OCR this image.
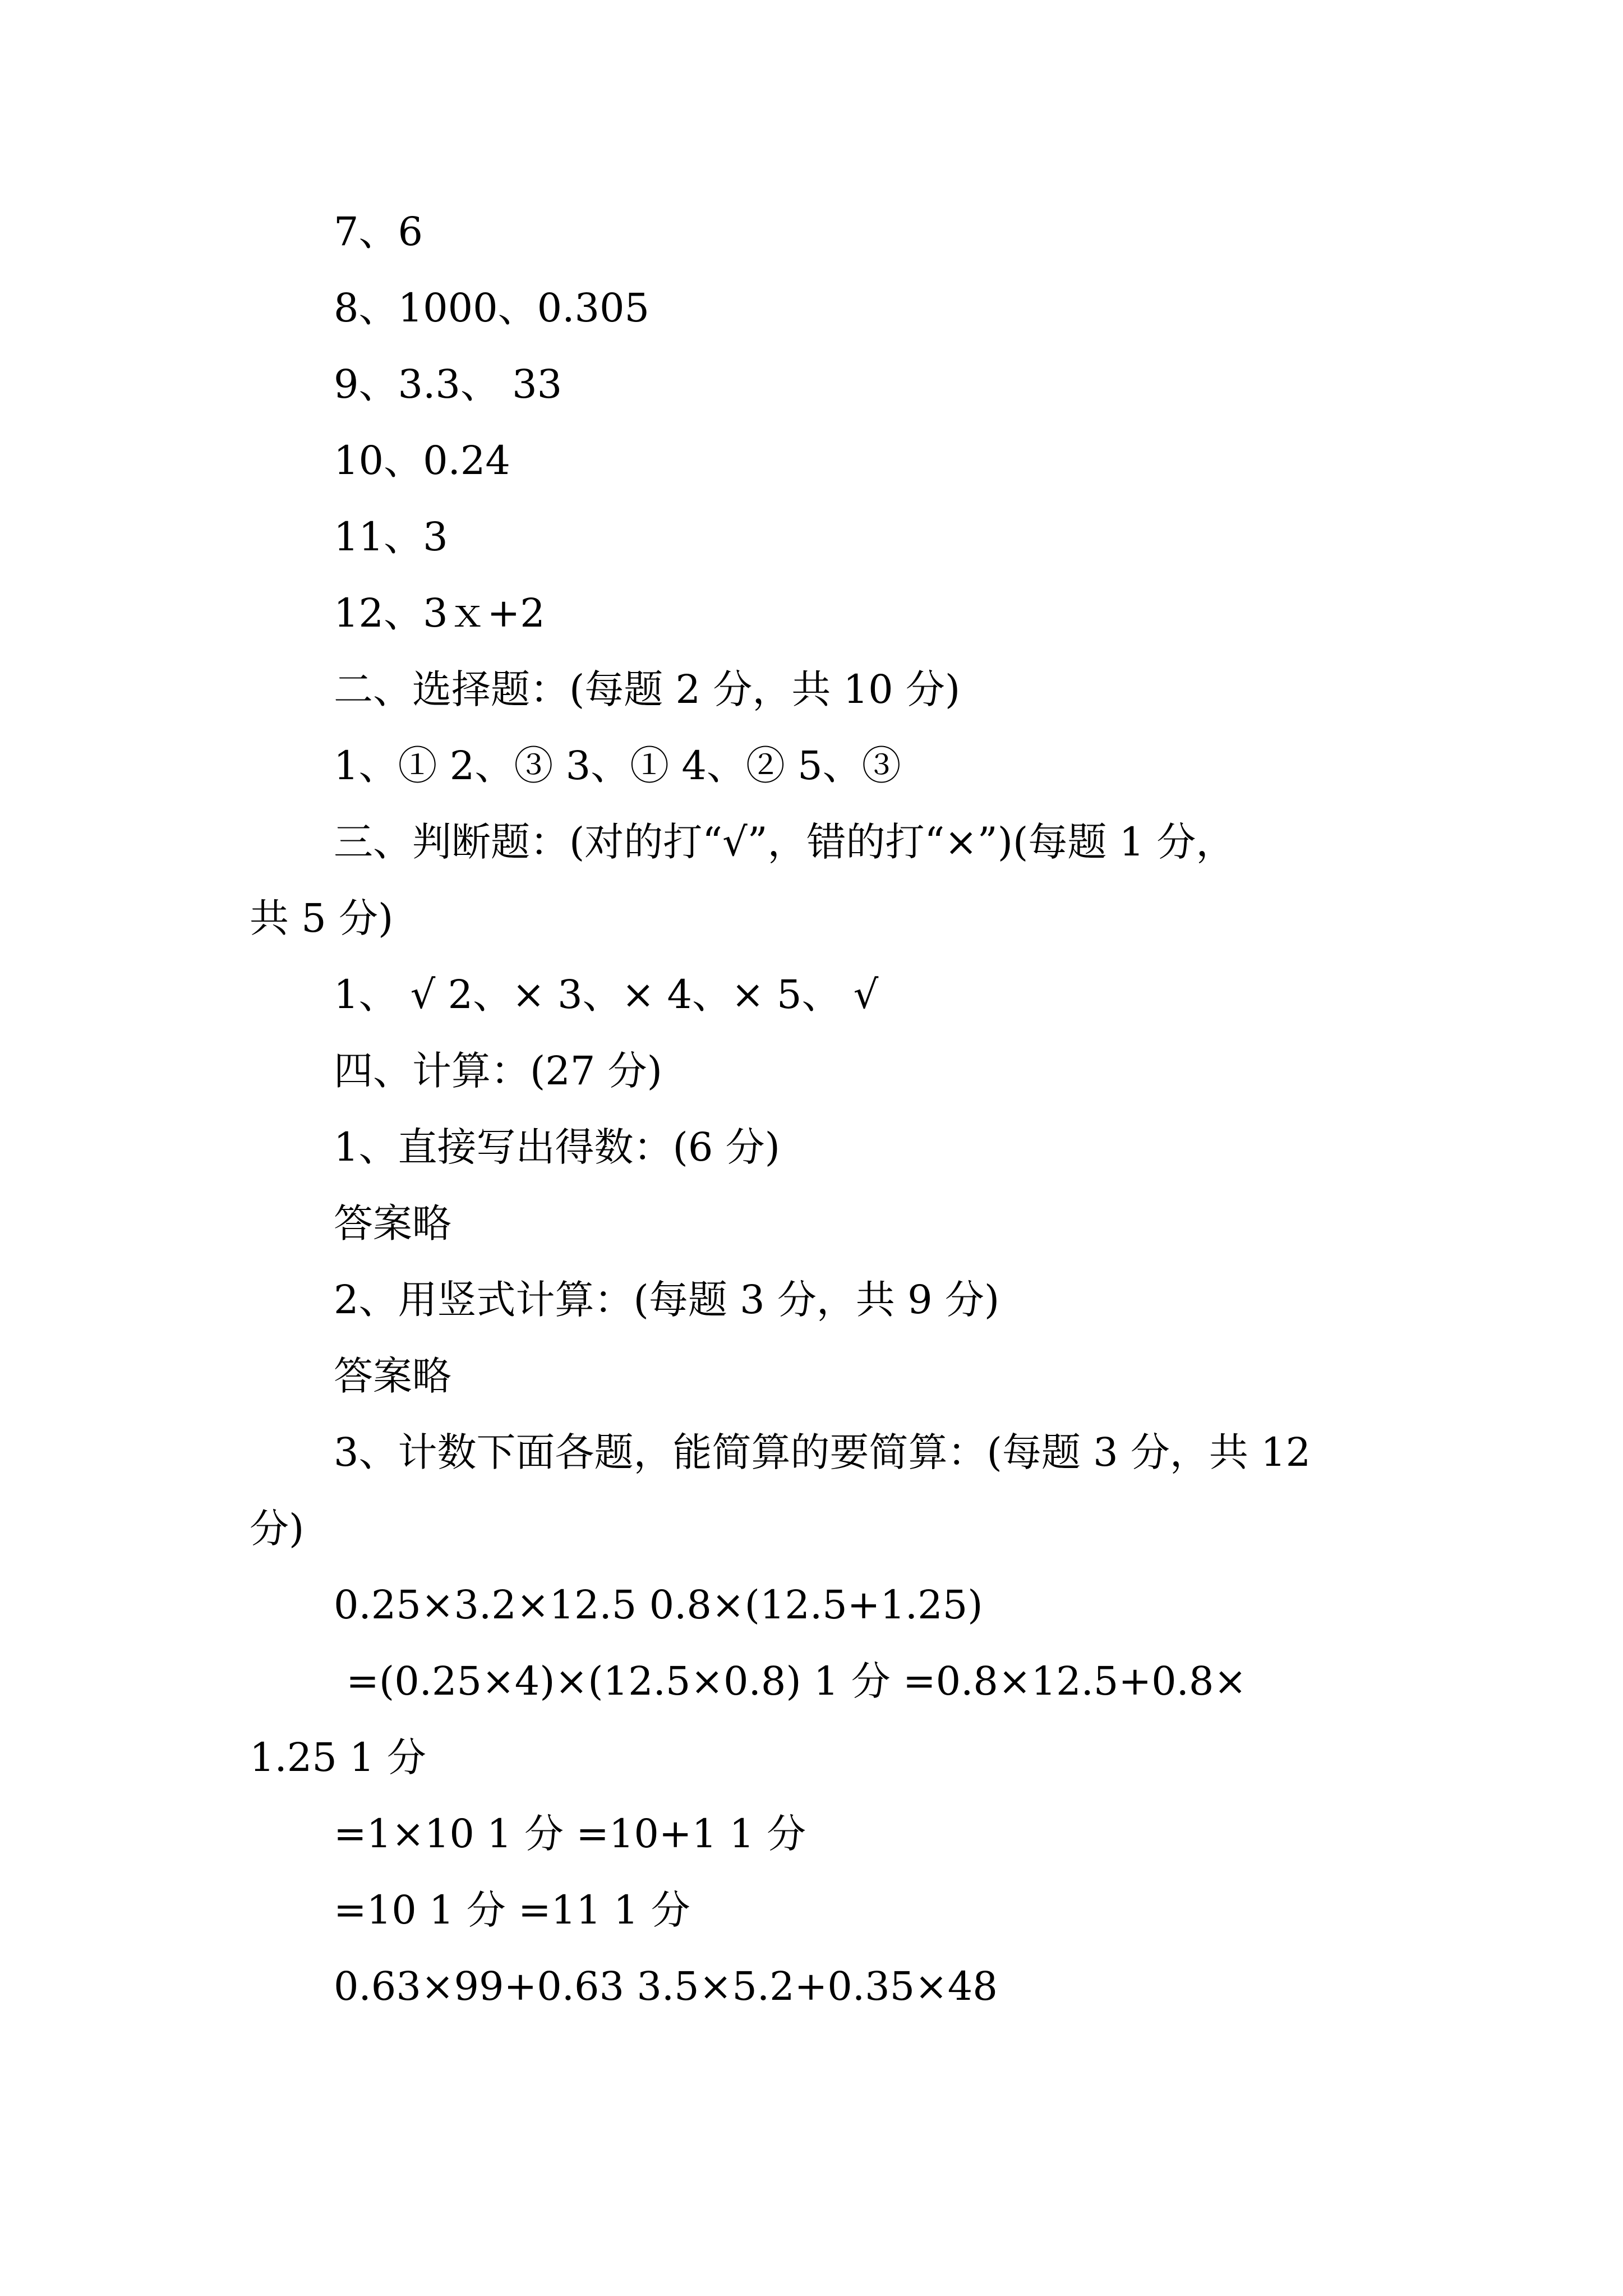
7、6
8、1000、0.305
9、3.3、 33
10、0.24
11、3
12、3ｘ+2
二、选择题：(每题 2 分，共 10 分)
1、① 2、③ 3、① 4、② 5、③
三、判断题：(对的打“√”，错的打“×”)(每题 1 分，
共 5 分)
1、 √ 2、× 3、× 4、× 5、 √
四、计算：(27 分)
1、直接写出得数：(6 分)
答案略
2、用竖式计算：(每题 3 分，共 9 分)
答案略
3、计数下面各题，能简算的要简算：(每题 3 分，共 12
分)
0.25×3.2×12.5 0.8×(12.5+1.25)
=(0.25×4)×(12.5×0.8) 1 分 =0.8×12.5+0.8×
1.25 1 分
=1×10 1 分 =10+1 1 分
=10 1 分 =11 1 分
0.63×99+0.63 3.5×5.2+0.35×48
